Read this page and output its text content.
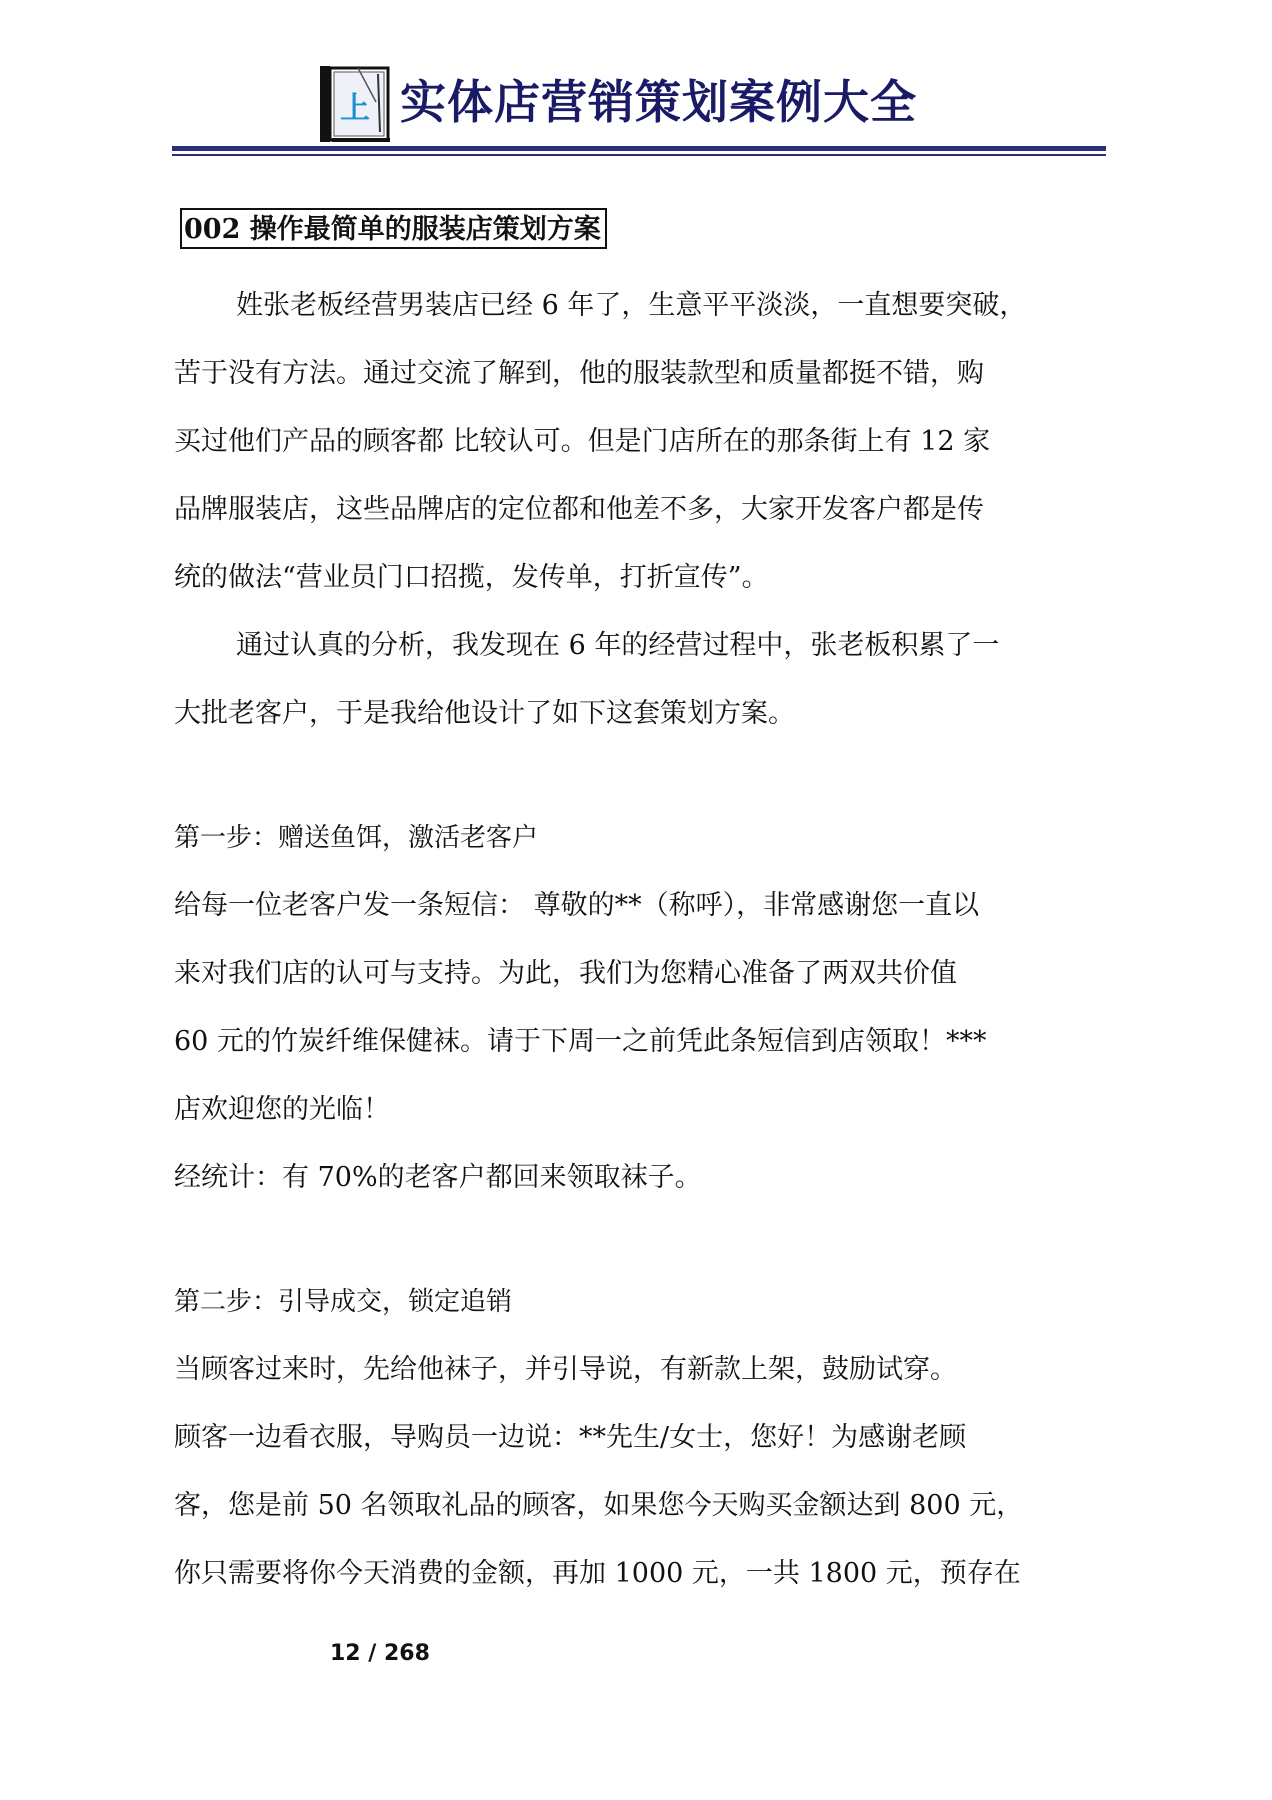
上 实体店营销策划案例大全
002 操作最简单的服装店策划方案

姓张老板经营男装店已经 6 年了，生意平平淡淡，一直想要突破，

苦于没有方法。通过交流了解到，他的服装款型和质量都挺不错，购

买过他们产品的顾客都 比较认可。但是门店所在的那条街上有 12 家

品牌服装店，这些品牌店的定位都和他差不多，大家开发客户都是传

统的做法“营业员门口招揽，发传单，打折宣传”。

通过认真的分析，我发现在 6 年的经营过程中，张老板积累了一

大批老客户，于是我给他设计了如下这套策划方案。

第一步：赠送鱼饵，激活老客户

给每一位老客户发一条短信： 尊敬的**（称呼），非常感谢您一直以

来对我们店的认可与支持。为此，我们为您精心准备了两双共价值

60 元的竹炭纤维保健袜。请于下周一之前凭此条短信到店领取！***

店欢迎您的光临！

经统计：有 70%的老客户都回来领取袜子。

第二步：引导成交，锁定追销

当顾客过来时，先给他袜子，并引导说，有新款上架，鼓励试穿。

顾客一边看衣服，导购员一边说：**先生/女士，您好！为感谢老顾

客，您是前 50 名领取礼品的顾客，如果您今天购买金额达到 800 元，

你只需要将你今天消费的金额，再加 1000 元，一共 1800 元，预存在

12 / 268
